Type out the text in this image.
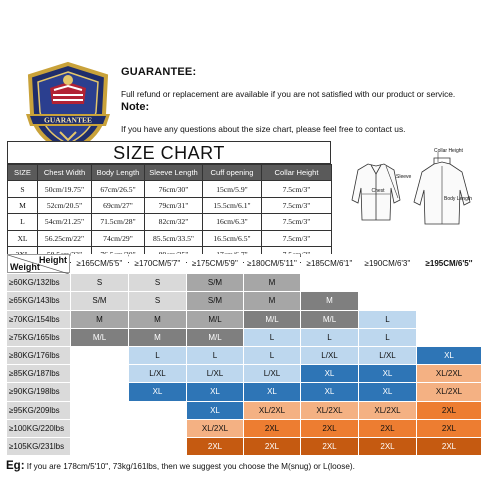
GUARANTEE
GUARANTEE:
Full refund or replacement are available if you are not satisfied with our product or service.
Note:
If you have any questions about the size chart, please feel free to contact us.
SIZE CHART
SIZE	Chest Width	Body Length	Sleeve Length	Cuff opening	Collar Height
S	50cm/19.75"	67cm/26.5"	76cm/30"	15cm/5.9"	7.5cm/3"
M	52cm/20.5"	69cm/27"	79cm/31"	15.5cm/6.1"	7.5cm/3"
L	54cm/21.25"	71.5cm/28"	82cm/32"	16cm/6.3"	7.5cm/3"
XL	56.25cm/22"	74cm/29"	85.5cm/33.5"	16.5cm/6.5"	7.5cm/3"

Chest
Sleeve
Collar Height
Body Length
Height
Weight	≥165CM/5'5''	≥170CM/5'7''	≥175CM/5'9''	≥180CM/5'11''	≥185CM/6'1''	≥190CM/6'3''	≥195CM/6'5''
≥60KG/132lbs	S	S	S/M	M			
≥65KG/143lbs	S/M	S	S/M	M	M		
≥70KG/154lbs	M	M	M/L	M/L	M/L	L	
≥75KG/165lbs	M/L	M	M/L	L	L	L	
≥80KG/176lbs		L	L	L	L/XL	L/XL	XL
≥85KG/187lbs		L/XL	L/XL	L/XL	XL	XL	XL/2XL
≥90KG/198lbs		XL	XL	XL	XL	XL	XL/2XL
≥95KG/209lbs			XL	XL/2XL	XL/2XL	XL/2XL	2XL
≥100KG/220lbs			XL/2XL	2XL	2XL	2XL	2XL
≥105KG/231lbs			2XL	2XL	2XL	2XL	2XL
Eg: If you are 178cm/5'10", 73kg/161lbs, then we suggest you choose the M(snug) or L(loose).
